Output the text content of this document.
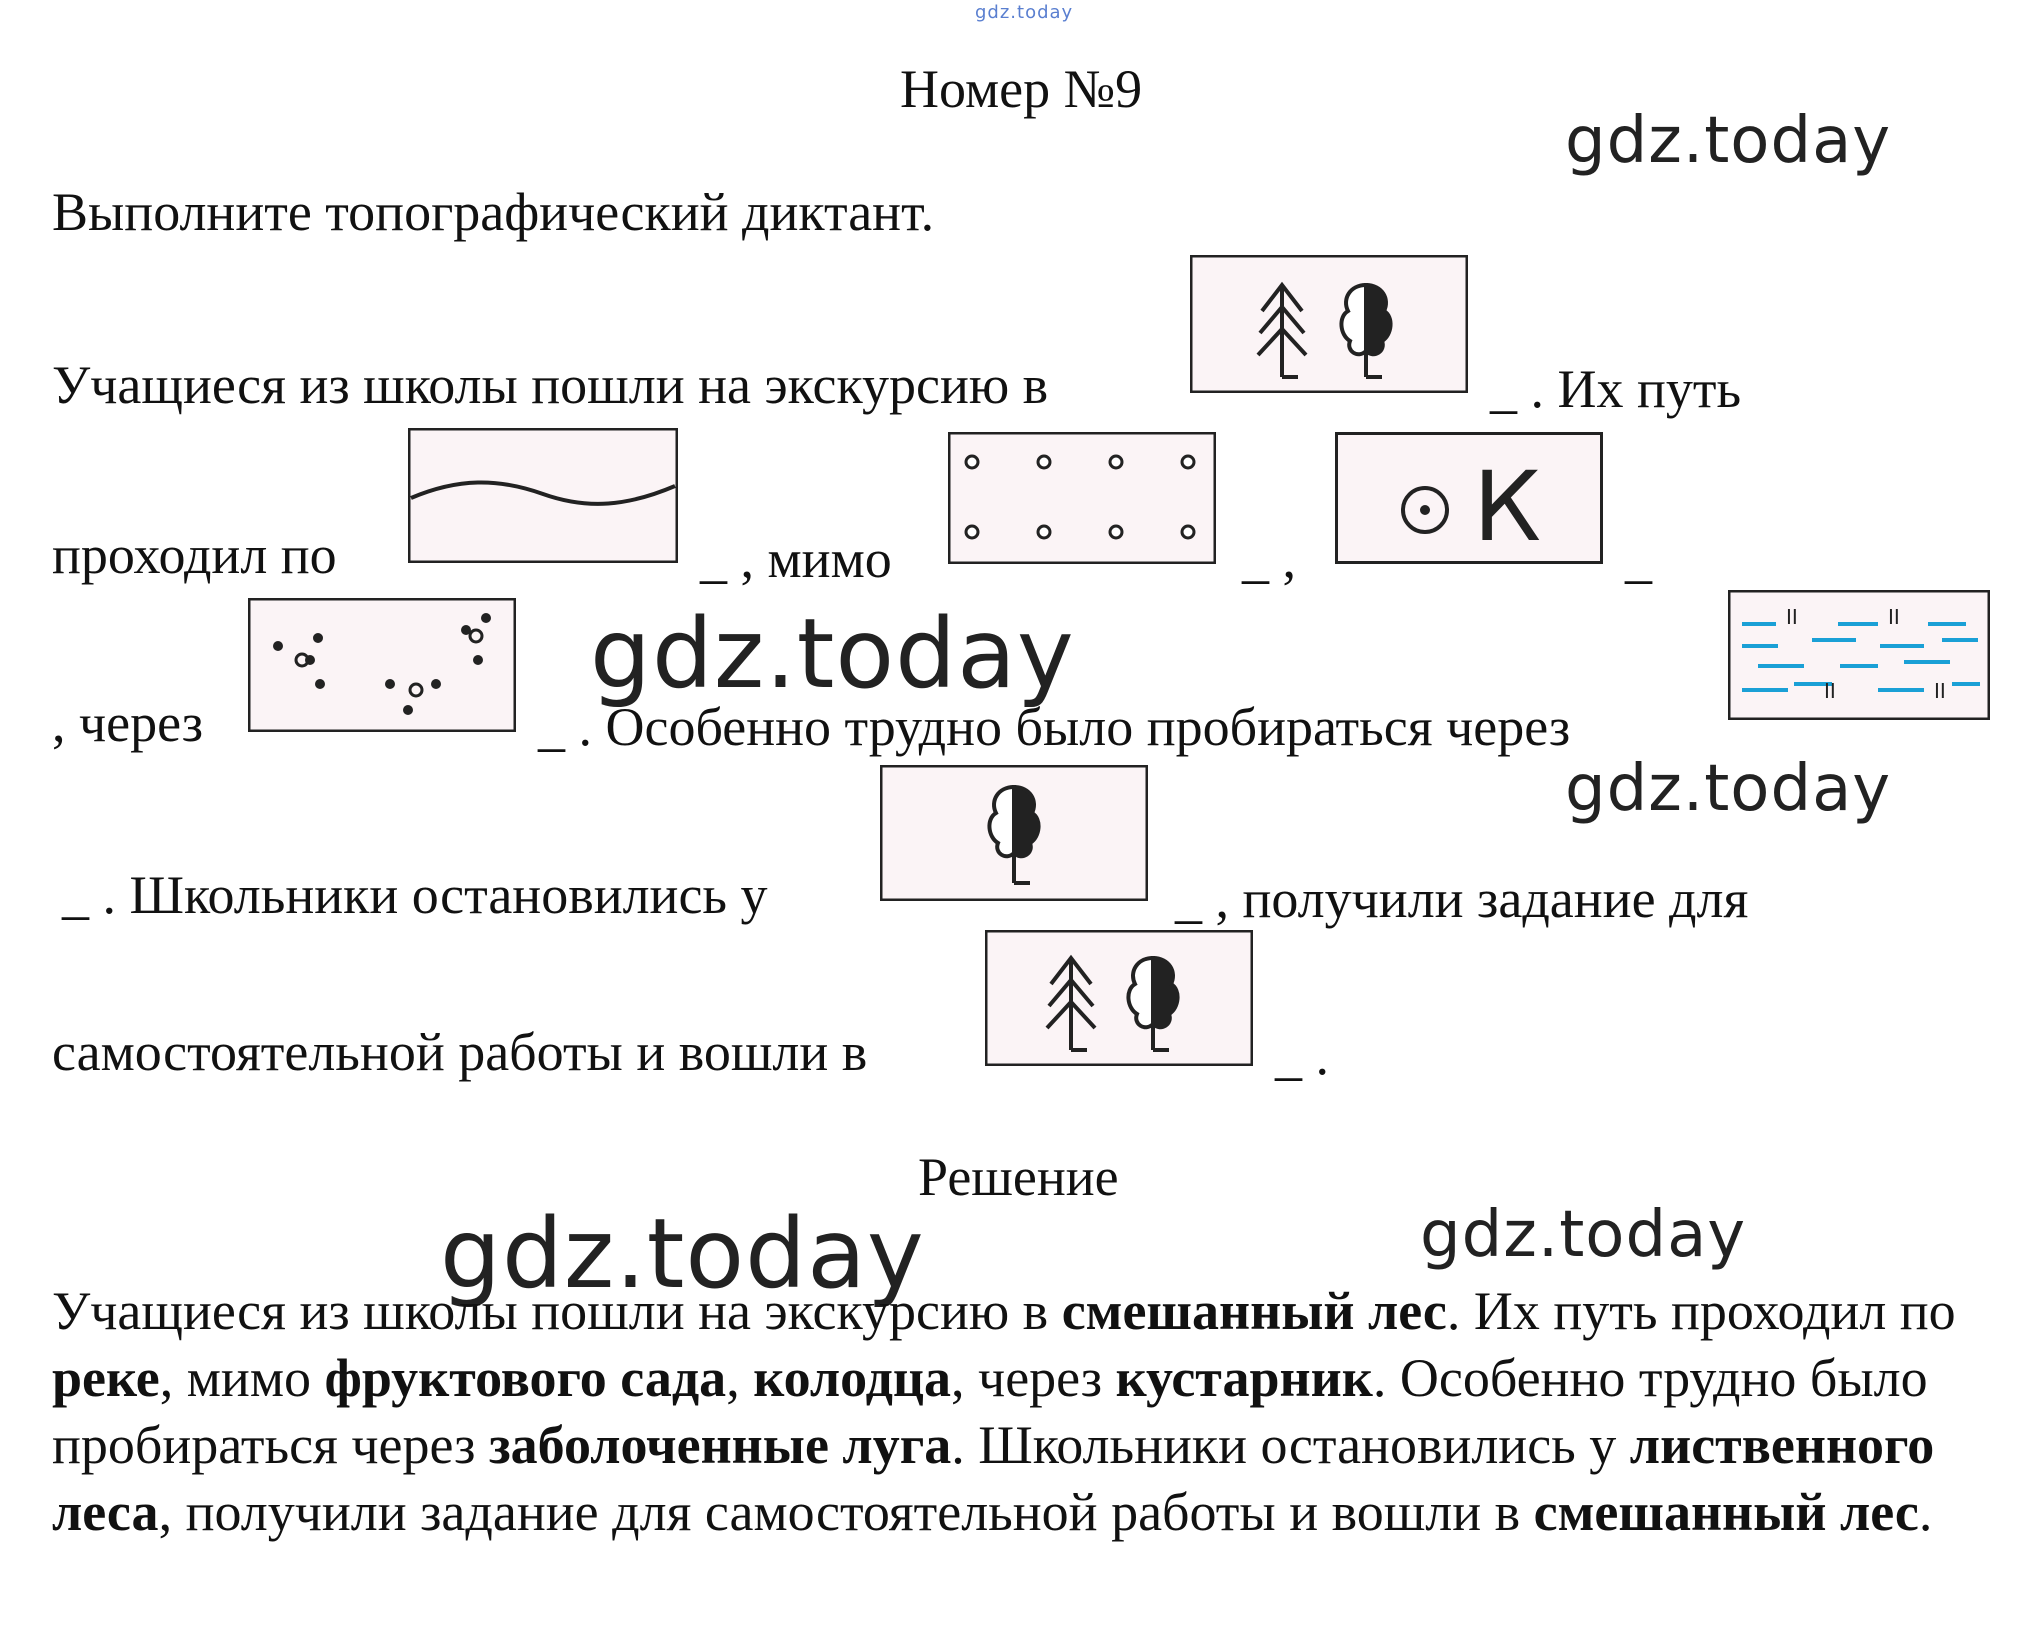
gdz.today
Номер №9
gdz.today
gdz.today
gdz.today
gdz.today	gdz.today
Выполните топографический диктант.
Учащиеся из школы пошли на экскурсию в	_ . Их путь
проходил по	_ , мимо	_ , К _
, через	_ . Особенно трудно было пробираться через
II	II
II	II
_ . Школьники остановились у	_ , получили задание для
самостоятельной работы и вошли в	_ .
Решение
Учащиеся из школы пошли на экскурсию в смешанный лес. Их путь проходил по реке, мимо фруктового сада, колодца, через кустарник. Особенно трудно было пробираться через заболоченные луга. Школьники остановились у лиственного леса, получили задание для самостоятельной работы и вошли в смешанный лес.
